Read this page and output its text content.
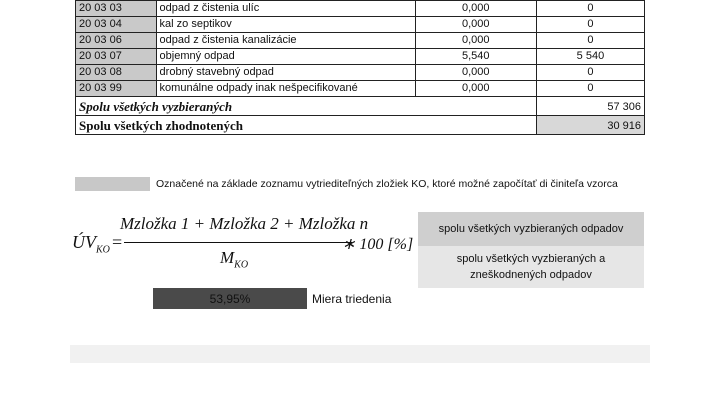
20 03 03	odpad z čistenia ulíc	0,000	0
20 03 04	kal zo septikov	0,000	0
20 03 06	odpad z čistenia kanalizácie	0,000	0
20 03 07	objemný odpad	5,540	5 540
20 03 08	drobný stavebný odpad	0,000	0
20 03 99	komunálne odpady inak nešpecifikované	0,000	0
Spolu všetkých vyzbieraných			57 306
Spolu všetkých zhodnotených			30 916
Označené na základe zoznamu vytriediteľných zložiek KO, ktoré možné započítať di činiteľa vzorca
$ÚV_{KO}$ =
Mzložka 1 + Mzložka 2 + Mzložka n
$M_{KO}$
∗ 100 [%]
spolu všetkých vyzbieraných odpadov
spolu všetkých vyzbieraných a zneškodnených odpadov
53,95%	Miera triedenia
